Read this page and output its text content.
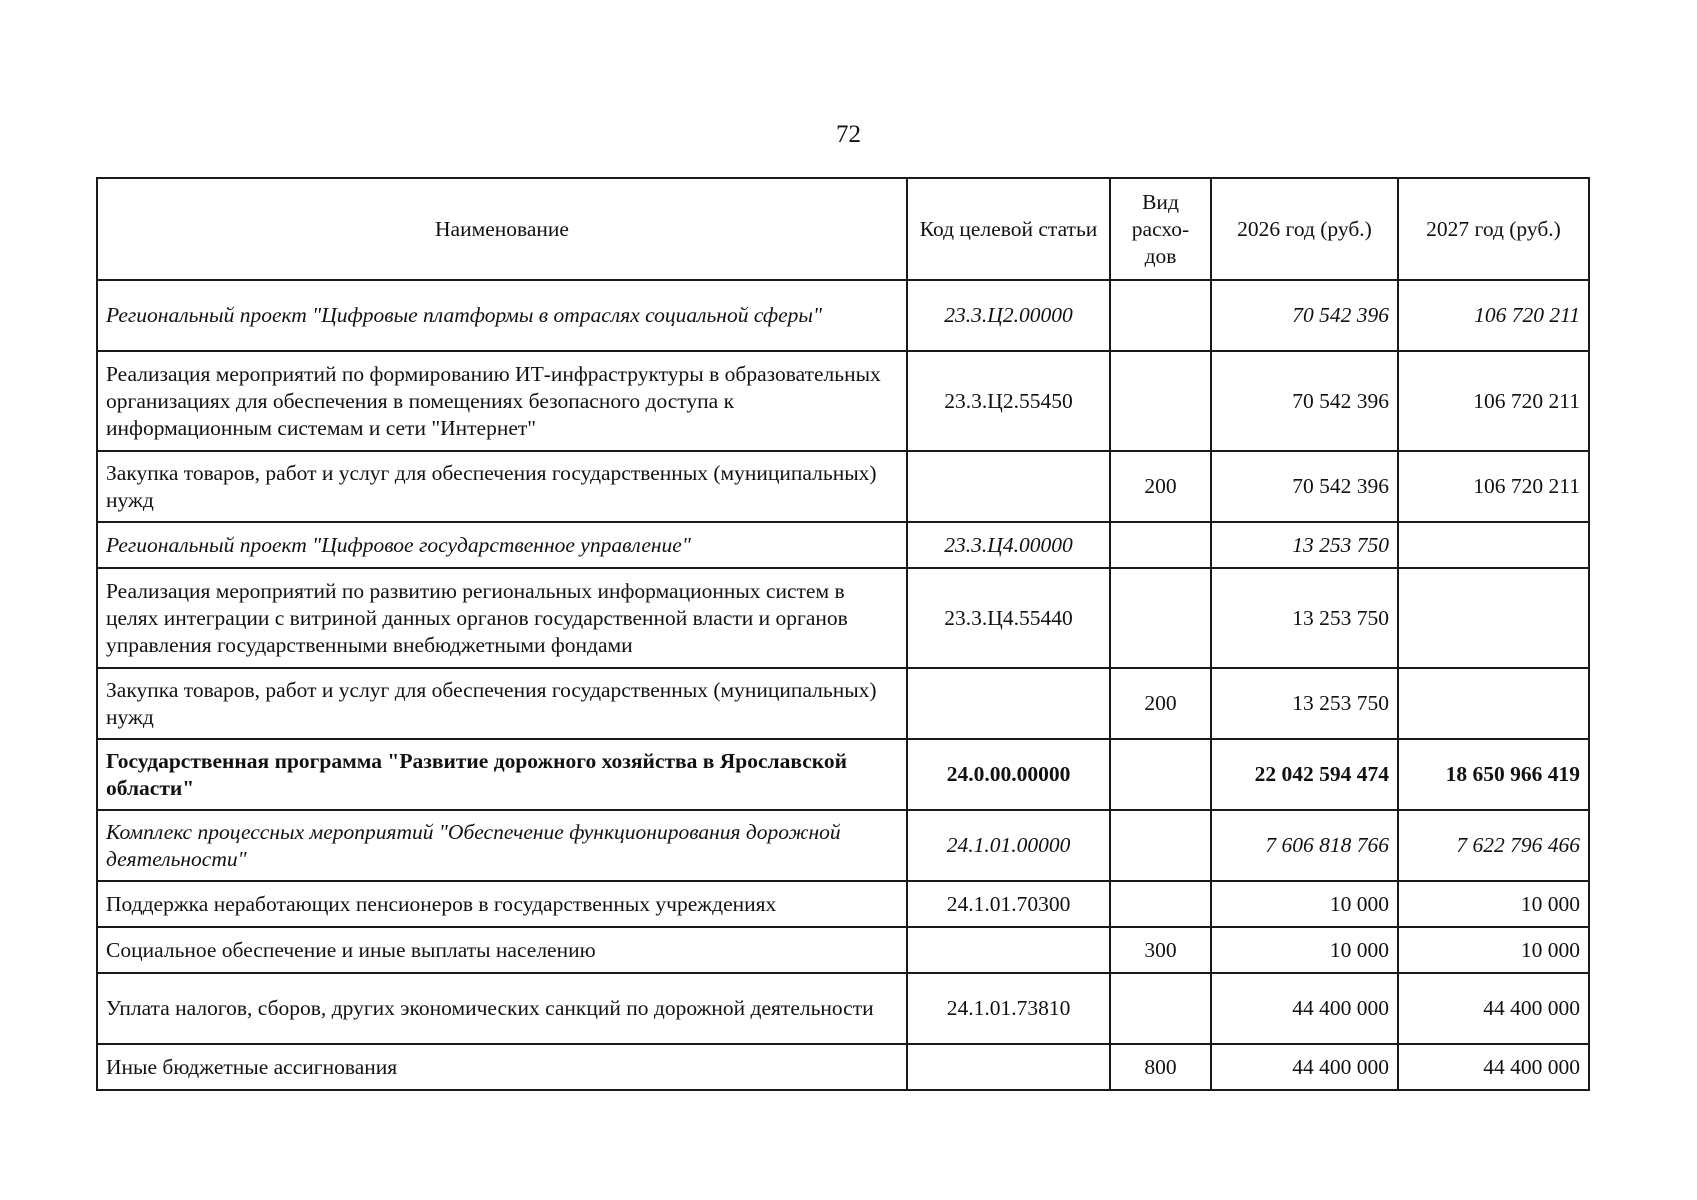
72
Наименование	Код целевой статьи	Вид расхо-дов	2026 год (руб.)	2027 год (руб.)
Региональный проект "Цифровые платформы в отраслях социальной сферы"	23.3.Ц2.00000		70 542 396	106 720 211
Реализация мероприятий по формированию ИТ-инфраструктуры в образовательных организациях для обеспечения в помещениях безопасного доступа к информационным системам и сети "Интернет"	23.3.Ц2.55450		70 542 396	106 720 211
Закупка товаров, работ и услуг для обеспечения государственных (муниципальных) нужд		200	70 542 396	106 720 211
Региональный проект "Цифровое государственное управление"	23.3.Ц4.00000		13 253 750	
Реализация мероприятий по развитию региональных информационных систем в целях интеграции с витриной данных органов государственной власти и органов управления государственными внебюджетными фондами	23.3.Ц4.55440		13 253 750	
Закупка товаров, работ и услуг для обеспечения государственных (муниципальных) нужд		200	13 253 750	
Государственная программа "Развитие дорожного хозяйства в Ярославской области"	24.0.00.00000		22 042 594 474	18 650 966 419
Комплекс процессных мероприятий "Обеспечение функционирования дорожной деятельности"	24.1.01.00000		7 606 818 766	7 622 796 466
Поддержка неработающих пенсионеров в государственных учреждениях	24.1.01.70300		10 000	10 000
Социальное обеспечение и иные выплаты населению		300	10 000	10 000
Уплата налогов, сборов, других экономических санкций по дорожной деятельности	24.1.01.73810		44 400 000	44 400 000
Иные бюджетные ассигнования		800	44 400 000	44 400 000
